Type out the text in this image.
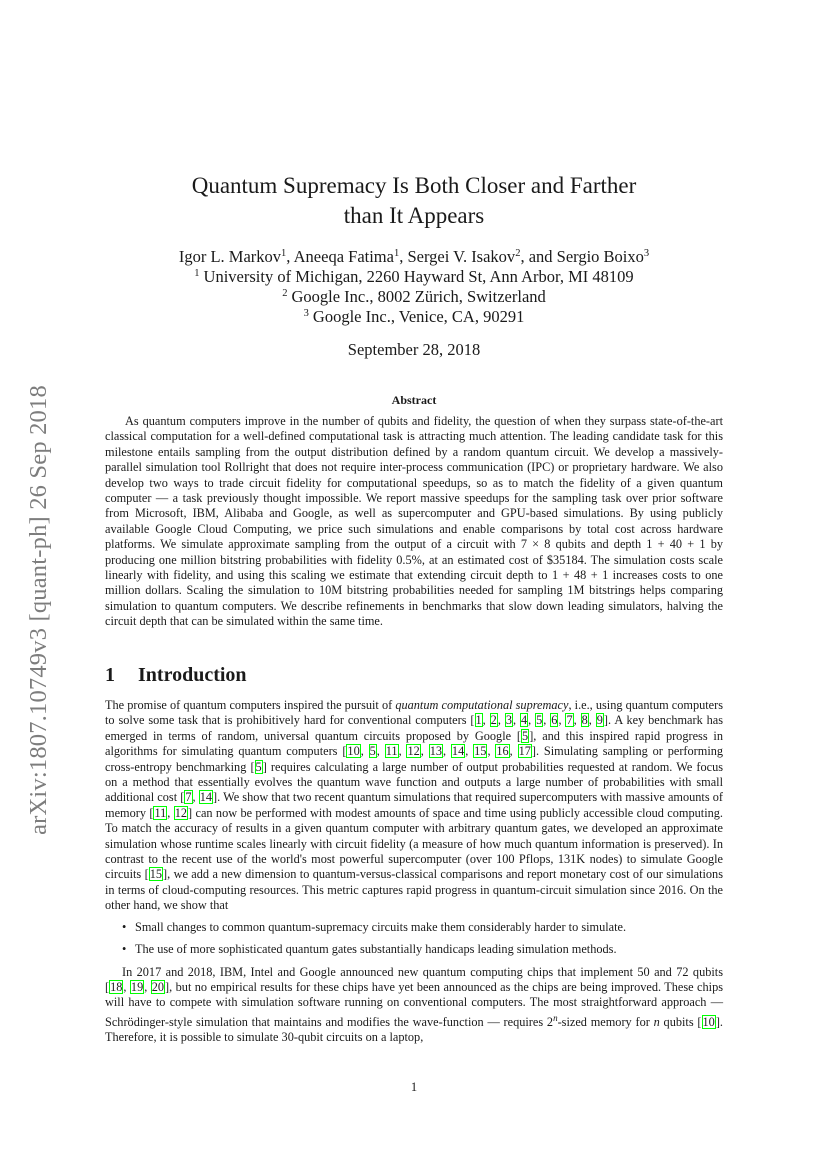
arXiv:1807.10749v3 [quant-ph] 26 Sep 2018
Quantum Supremacy Is Both Closer and Farther
than It Appears
Igor L. Markov$^1$, Aneeqa Fatima$^1$, Sergei V. Isakov$^2$, and Sergio Boixo$^3$
$^1$ University of Michigan, 2260 Hayward St, Ann Arbor, MI 48109
$^2$ Google Inc., 8002 Zürich, Switzerland
$^3$ Google Inc., Venice, CA, 90291
September 28, 2018
Abstract
As quantum computers improve in the number of qubits and fidelity, the question of when they surpass state-of-the-art classical computation for a well-defined computational task is attracting much attention. The leading candidate task for this milestone entails sampling from the output distribution defined by a random quantum circuit. We develop a massively-parallel simulation tool Rollright that does not require inter-process communication (IPC) or proprietary hardware. We also develop two ways to trade circuit fidelity for computational speedups, so as to match the fidelity of a given quantum computer — a task previously thought impossible. We report massive speedups for the sampling task over prior software from Microsoft, IBM, Alibaba and Google, as well as supercomputer and GPU-based simulations. By using publicly available Google Cloud Computing, we price such simulations and enable comparisons by total cost across hardware platforms. We simulate approximate sampling from the output of a circuit with 7 × 8 qubits and depth 1 + 40 + 1 by producing one million bitstring probabilities with fidelity 0.5%, at an estimated cost of $35184. The simulation costs scale linearly with fidelity, and using this scaling we estimate that extending circuit depth to 1 + 48 + 1 increases costs to one million dollars. Scaling the simulation to 10M bitstring probabilities needed for sampling 1M bitstrings helps comparing simulation to quantum computers. We describe refinements in benchmarks that slow down leading simulators, halving the circuit depth that can be simulated within the same time.
1 Introduction

The promise of quantum computers inspired the pursuit of quantum computational supremacy, i.e., using quantum computers to solve some task that is prohibitively hard for conventional computers [1, 2, 3, 4, 5, 6, 7, 8, 9]. A key benchmark has emerged in terms of random, universal quantum circuits proposed by Google [5], and this inspired rapid progress in algorithms for simulating quantum computers [10, 5, 11, 12, 13, 14, 15, 16, 17]. Simulating sampling or performing cross-entropy benchmarking [5] requires calculating a large number of output probabilities requested at random. We focus on a method that essentially evolves the quantum wave function and outputs a large number of probabilities with small additional cost [7, 14]. We show that two recent quantum simulations that required supercomputers with massive amounts of memory [11, 12] can now be performed with modest amounts of space and time using publicly accessible cloud computing. To match the accuracy of results in a given quantum computer with arbitrary quantum gates, we developed an approximate simulation whose runtime scales linearly with circuit fidelity (a measure of how much quantum information is preserved). In contrast to the recent use of the world's most powerful supercomputer (over 100 Pflops, 131K nodes) to simulate Google circuits [15], we add a new dimension to quantum-versus-classical comparisons and report monetary cost of our simulations in terms of cloud-computing resources. This metric captures rapid progress in quantum-circuit simulation since 2016. On the other hand, we show that

• Small changes to common quantum-supremacy circuits make them considerably harder to simulate.
• The use of more sophisticated quantum gates substantially handicaps leading simulation methods.

In 2017 and 2018, IBM, Intel and Google announced new quantum computing chips that implement 50 and 72 qubits [18, 19, 20], but no empirical results for these chips have yet been announced as the chips are being improved. These chips will have to compete with simulation software running on conventional computers. The most straightforward approach — Schrödinger-style simulation that maintains and modifies the wave-function — requires 2$^n$-sized memory for n qubits [10]. Therefore, it is possible to simulate 30-qubit circuits on a laptop,

1
